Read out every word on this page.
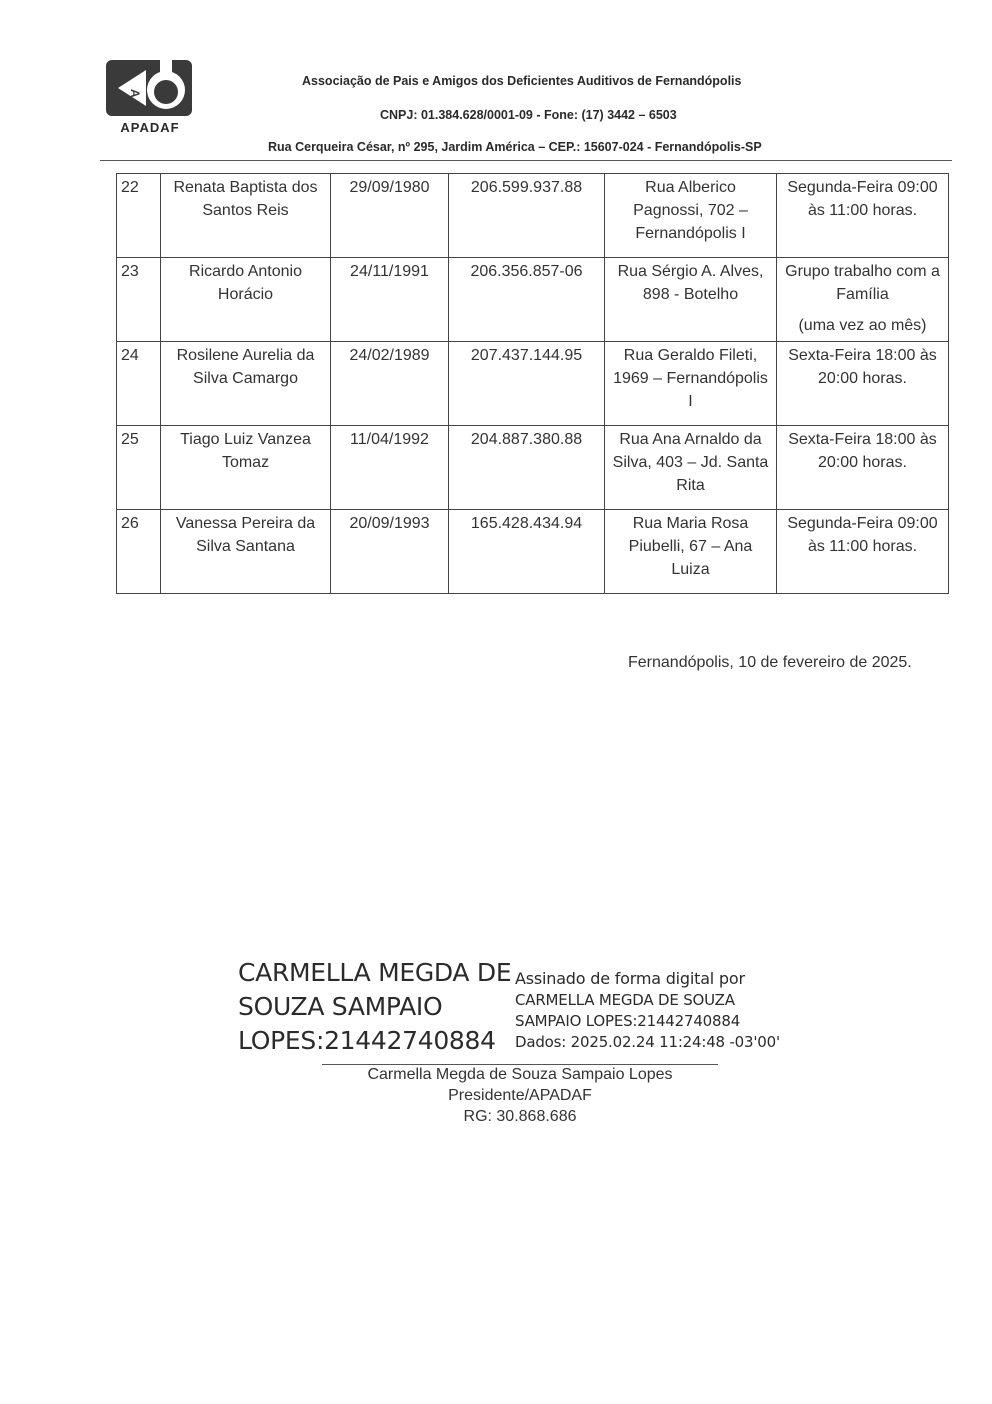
A
APADAF
Associação de Pais e Amigos dos Deficientes Auditivos de Fernandópolis
CNPJ: 01.384.628/0001-09 - Fone: (17) 3442 – 6503
Rua Cerqueira César, nº 295, Jardim América – CEP.: 15607-024 - Fernandópolis-SP
22	Renata Baptista dos Santos Reis	29/09/1980	206.599.937.88	Rua Alberico Pagnossi, 702 – Fernandópolis I	Segunda-Feira 09:00 às 11:00 horas.

23	Ricardo Antonio Horácio	24/11/1991	206.356.857-06	Rua Sérgio A. Alves, 898 - Botelho	Grupo trabalho com a Família
(uma vez ao mês)

24	Rosilene Aurelia da Silva Camargo	24/02/1989	207.437.144.95	Rua Geraldo Fileti, 1969 – Fernandópolis I	Sexta-Feira 18:00 às 20:00 horas.

25	Tiago Luiz Vanzea Tomaz	11/04/1992	204.887.380.88	Rua Ana Arnaldo da Silva, 403 – Jd. Santa Rita	Sexta-Feira 18:00 às 20:00 horas.

26	Vanessa Pereira da Silva Santana	20/09/1993	165.428.434.94	Rua Maria Rosa Piubelli, 67 – Ana Luiza	Segunda-Feira 09:00 às 11:00 horas.
Fernandópolis, 10 de fevereiro de 2025.
CARMELLA MEGDA DE
SOUZA SAMPAIO
LOPES:21442740884
Assinado de forma digital por
CARMELLA MEGDA DE SOUZA
SAMPAIO LOPES:21442740884
Dados: 2025.02.24 11:24:48 -03'00'
Carmella Megda de Souza Sampaio Lopes
Presidente/APADAF
RG: 30.868.686
